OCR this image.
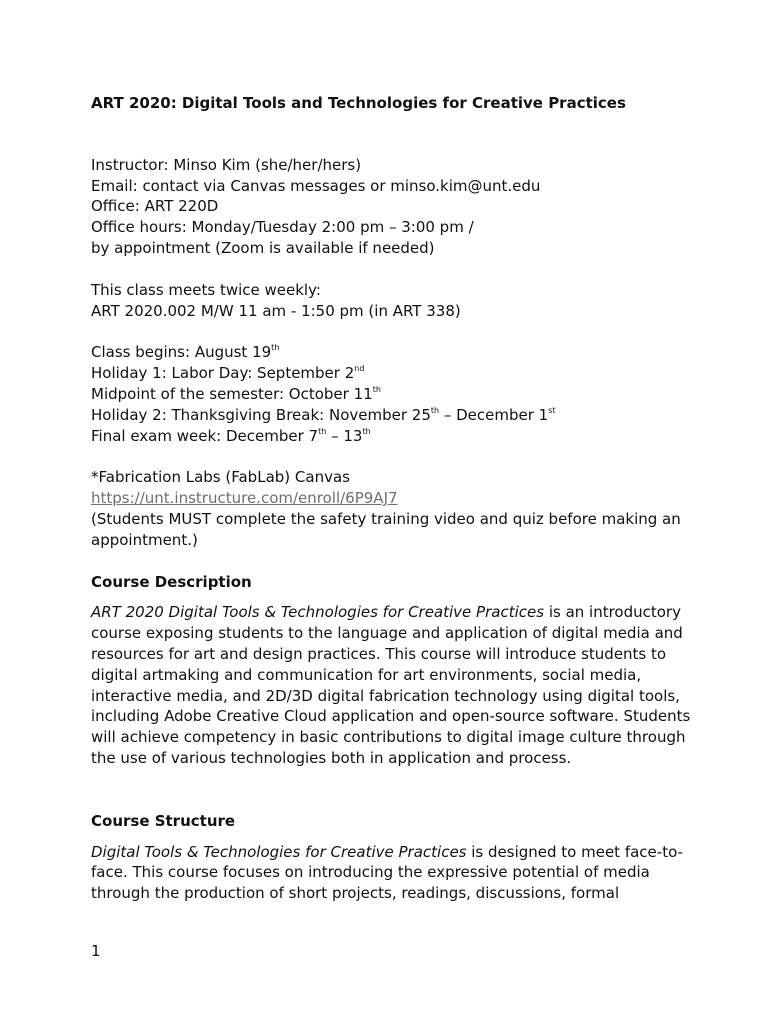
ART 2020: Digital Tools and Technologies for Creative Practices

Instructor: Minso Kim (she/her/hers)

Email: contact via Canvas messages or minso.kim@unt.edu

Office: ART 220D

Office hours: Monday/Tuesday 2:00 pm – 3:00 pm /

by appointment (Zoom is available if needed)

This class meets twice weekly:

ART 2020.002 M/W 11 am - 1:50 pm (in ART 338)

Class begins: August 19th

Holiday 1: Labor Day: September 2nd

Midpoint of the semester: October 11th

Holiday 2: Thanksgiving Break: November 25th – December 1st

Final exam week: December 7th – 13th

*Fabrication Labs (FabLab) Canvas

https://unt.instructure.com/enroll/6P9AJ7

(Students MUST complete the safety training video and quiz before making an appointment.)

Course Description

ART 2020 Digital Tools & Technologies for Creative Practices is an introductory course exposing students to the language and application of digital media and resources for art and design practices. This course will introduce students to digital artmaking and communication for art environments, social media, interactive media, and 2D/3D digital fabrication technology using digital tools, including Adobe Creative Cloud application and open-source software. Students will achieve competency in basic contributions to digital image culture through the use of various technologies both in application and process.

Course Structure

Digital Tools & Technologies for Creative Practices is designed to meet face-to-face. This course focuses on introducing the expressive potential of media through the production of short projects, readings, discussions, formal

1
